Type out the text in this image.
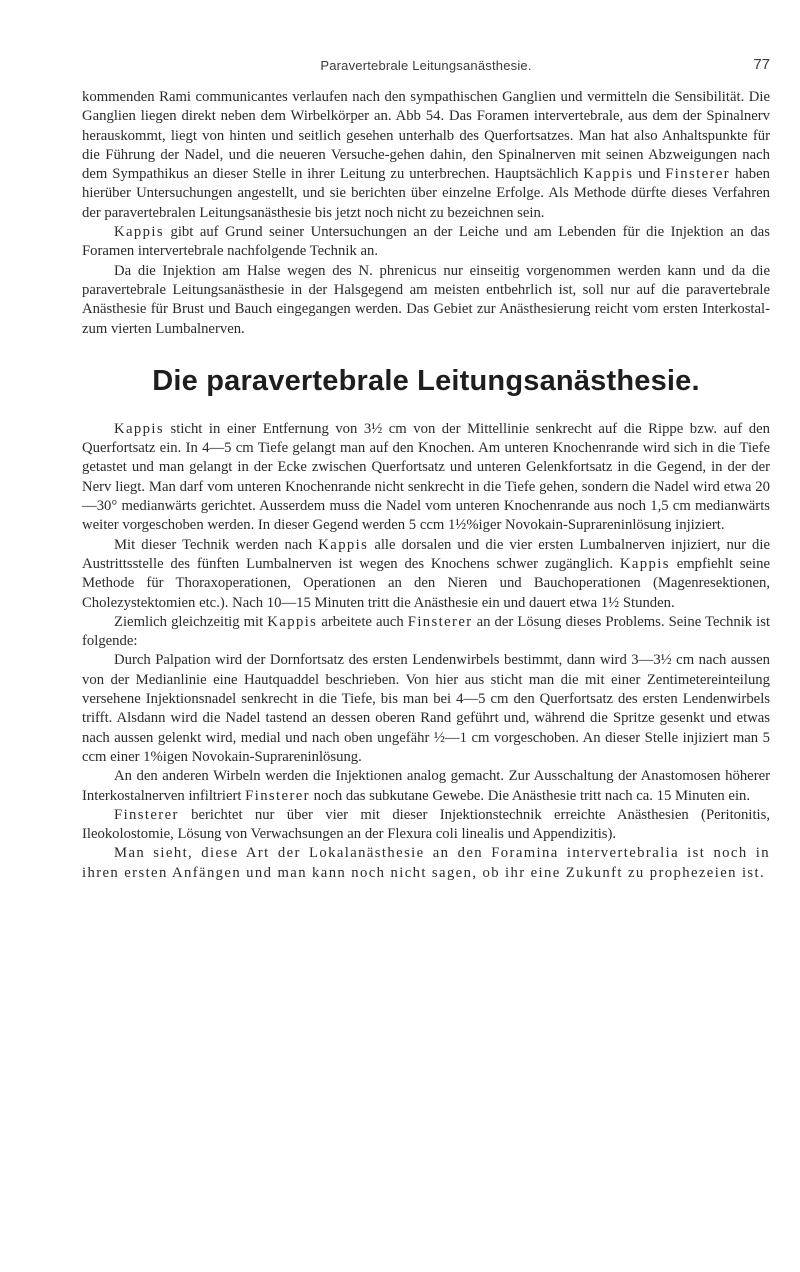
Paravertebrale Leitungsanästhesie.	77

kommenden Rami communicantes verlaufen nach den sympathischen Ganglien und vermitteln die Sensibilität. Die Ganglien liegen direkt neben dem Wirbelkörper an. Abb 54. Das Foramen intervertebrale, aus dem der Spinalnerv herauskommt, liegt von hinten und seitlich gesehen unterhalb des Querfortsatzes. Man hat also Anhaltspunkte für die Führung der Nadel, und die neueren Versuche-gehen dahin, den Spinalnerven mit seinen Abzweigungen nach dem Sympathikus an dieser Stelle in ihrer Leitung zu unterbrechen. Hauptsächlich Kappis und Finsterer haben hierüber Untersuchungen angestellt, und sie berichten über einzelne Erfolge. Als Methode dürfte dieses Verfahren der paravertebralen Leitungsanästhesie bis jetzt noch nicht zu bezeichnen sein.

Kappis gibt auf Grund seiner Untersuchungen an der Leiche und am Lebenden für die Injektion an das Foramen intervertebrale nachfolgende Technik an.

Da die Injektion am Halse wegen des N. phrenicus nur einseitig vorgenommen werden kann und da die paravertebrale Leitungsanästhesie in der Halsgegend am meisten entbehrlich ist, soll nur auf die paravertebrale Anästhesie für Brust und Bauch eingegangen werden. Das Gebiet zur Anästhesierung reicht vom ersten Interkostal- zum vierten Lumbalnerven.

Die paravertebrale Leitungsanästhesie.

Kappis sticht in einer Entfernung von 3½ cm von der Mittellinie senkrecht auf die Rippe bzw. auf den Querfortsatz ein. In 4—5 cm Tiefe gelangt man auf den Knochen. Am unteren Knochenrande wird sich in die Tiefe getastet und man gelangt in der Ecke zwischen Querfortsatz und unteren Gelenkfortsatz in die Gegend, in der der Nerv liegt. Man darf vom unteren Knochenrande nicht senkrecht in die Tiefe gehen, sondern die Nadel wird etwa 20—30° medianwärts gerichtet. Ausserdem muss die Nadel vom unteren Knochenrande aus noch 1,5 cm medianwärts weiter vorgeschoben werden. In dieser Gegend werden 5 ccm 1½%iger Novokain-Suprareninlösung injiziert.

Mit dieser Technik werden nach Kappis alle dorsalen und die vier ersten Lumbalnerven injiziert, nur die Austrittsstelle des fünften Lumbalnerven ist wegen des Knochens schwer zugänglich. Kappis empfiehlt seine Methode für Thoraxoperationen, Operationen an den Nieren und Bauchoperationen (Magenresektionen, Cholezystektomien etc.). Nach 10—15 Minuten tritt die Anästhesie ein und dauert etwa 1½ Stunden.

Ziemlich gleichzeitig mit Kappis arbeitete auch Finsterer an der Lösung dieses Problems. Seine Technik ist folgende:

Durch Palpation wird der Dornfortsatz des ersten Lendenwirbels bestimmt, dann wird 3—3½ cm nach aussen von der Medianlinie eine Hautquaddel beschrieben. Von hier aus sticht man die mit einer Zentimetereinteilung versehene Injektionsnadel senkrecht in die Tiefe, bis man bei 4—5 cm den Querfortsatz des ersten Lendenwirbels trifft. Alsdann wird die Nadel tastend an dessen oberen Rand geführt und, während die Spritze gesenkt und etwas nach aussen gelenkt wird, medial und nach oben ungefähr ½—1 cm vorgeschoben. An dieser Stelle injiziert man 5 ccm einer 1%igen Novokain-Suprareninlösung.

An den anderen Wirbeln werden die Injektionen analog gemacht. Zur Ausschaltung der Anastomosen höherer Interkostalnerven infiltriert Finsterer noch das subkutane Gewebe. Die Anästhesie tritt nach ca. 15 Minuten ein.

Finsterer berichtet nur über vier mit dieser Injektionstechnik erreichte Anästhesien (Peritonitis, Ileokolostomie, Lösung von Verwachsungen an der Flexura coli linealis und Appendizitis).

Man sieht, diese Art der Lokalanästhesie an den Foramina intervertebralia ist noch in ihren ersten Anfängen und man kann noch nicht sagen, ob ihr eine Zukunft zu prophezeien ist.
